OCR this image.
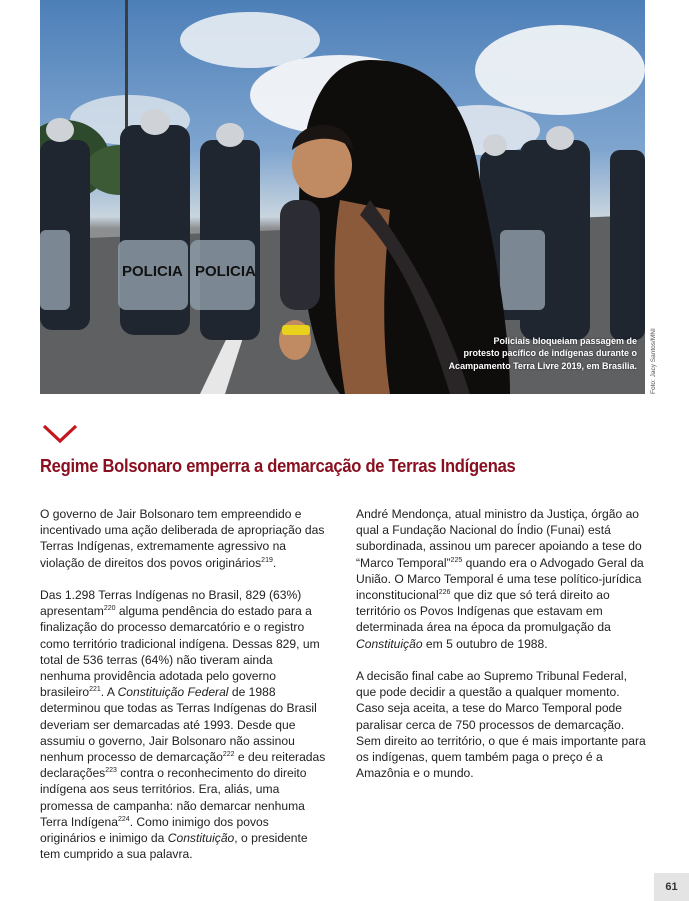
POLICIA POLICIA
Policiais bloqueiam passagem de
protesto pacífico de indígenas durante o
Acampamento Terra Livre 2019, em Brasília. Foto: Jacy Santos/MNI
Regime Bolsonaro emperra a demarcação de Terras Indígenas

O governo de Jair Bolsonaro tem empreendido e incentivado uma ação deliberada de apropriação das Terras Indígenas, extremamente agressivo na violação de direitos dos povos originários$^{219}$.

Das 1.298 Terras Indígenas no Brasil, 829 (63%) apresentam$^{220}$ alguma pendência do estado para a finalização do processo demarcatório e o registro como território tradicional indígena. Dessas 829, um total de 536 terras (64%) não tiveram ainda nenhuma providência adotada pelo governo brasileiro$^{221}$. A Constituição Federal de 1988 determinou que todas as Terras Indígenas do Brasil deveriam ser demarcadas até 1993. Desde que assumiu o governo, Jair Bolsonaro não assinou nenhum processo de demarcação$^{222}$ e deu reiteradas declarações$^{223}$ contra o reconhecimento do direito indígena aos seus territórios. Era, aliás, uma promessa de campanha: não demarcar nenhuma Terra Indígena$^{224}$. Como inimigo dos povos originários e inimigo da Constituição, o presidente tem cumprido a sua palavra.

André Mendonça, atual ministro da Justiça, órgão ao qual a Fundação Nacional do Índio (Funai) está subordinada, assinou um parecer apoiando a tese do “Marco Temporal”$^{225}$ quando era o Advogado Geral da União. O Marco Temporal é uma tese político-jurídica inconstitucional$^{226}$ que diz que só terá direito ao território os Povos Indígenas que estavam em determinada área na época da promulgação da Constituição em 5 outubro de 1988.

A decisão final cabe ao Supremo Tribunal Federal, que pode decidir a questão a qualquer momento. Caso seja aceita, a tese do Marco Temporal pode paralisar cerca de 750 processos de demarcação. Sem direito ao território, o que é mais importante para os indígenas, quem também paga o preço é a Amazônia e o mundo.

61
